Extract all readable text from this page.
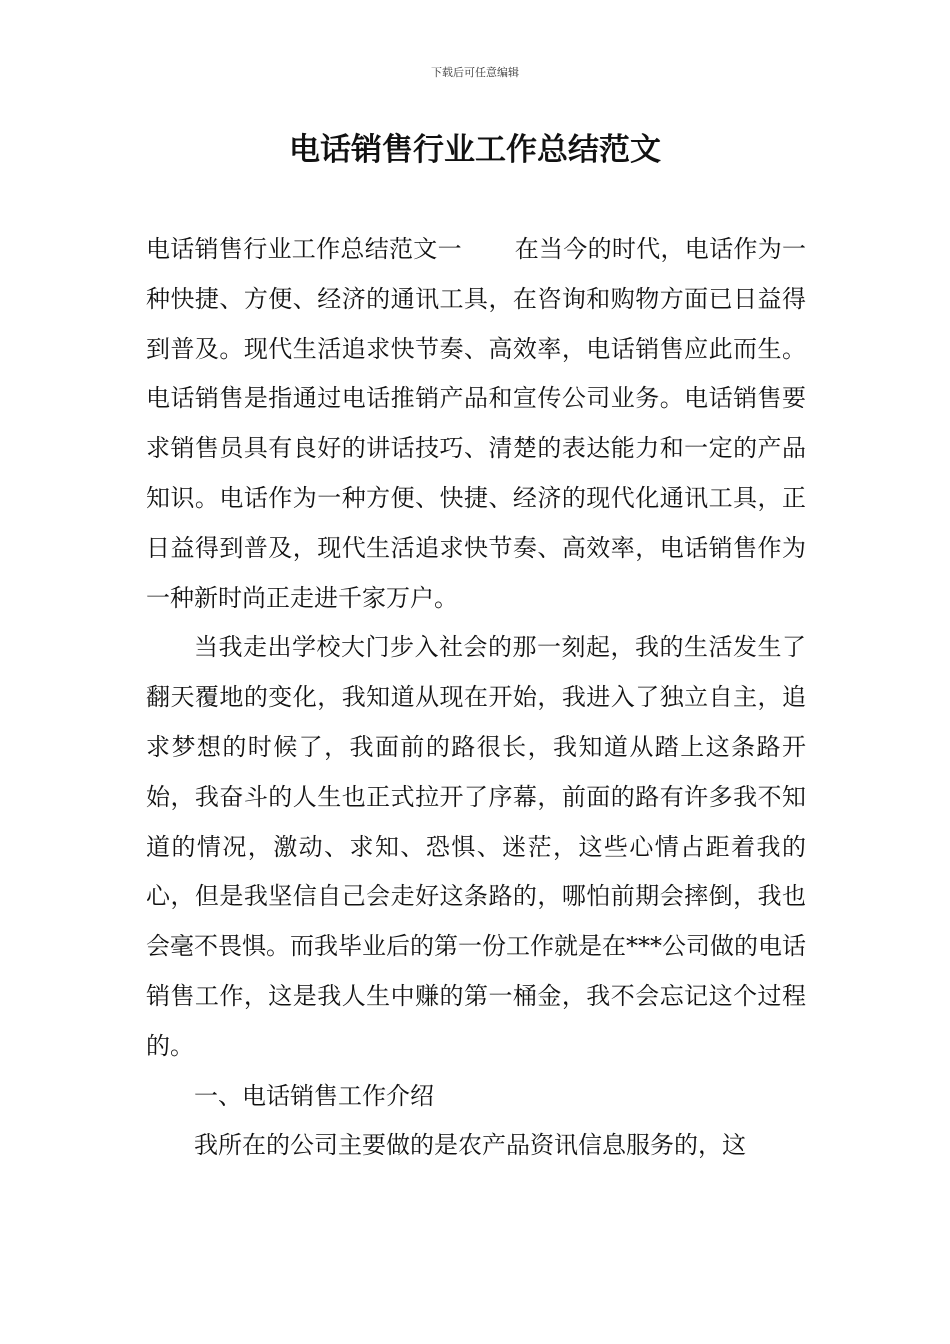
下载后可任意编辑
电话销售行业工作总结范文

电话销售行业工作总结范文一 在当今的时代，电话作为一种快捷、方便、经济的通讯工具，在咨询和购物方面已日益得到普及。现代生活追求快节奏、高效率，电话销售应此而生。电话销售是指通过电话推销产品和宣传公司业务。电话销售要求销售员具有良好的讲话技巧、清楚的表达能力和一定的产品知识。电话作为一种方便、快捷、经济的现代化通讯工具，正日益得到普及，现代生活追求快节奏、高效率，电话销售作为一种新时尚正走进千家万户。

当我走出学校大门步入社会的那一刻起，我的生活发生了翻天覆地的变化，我知道从现在开始，我进入了独立自主，追求梦想的时候了，我面前的路很长，我知道从踏上这条路开始，我奋斗的人生也正式拉开了序幕，前面的路有许多我不知道的情况，激动、求知、恐惧、迷茫，这些心情占距着我的心，但是我坚信自己会走好这条路的，哪怕前期会摔倒，我也会毫不畏惧。而我毕业后的第一份工作就是在***公司做的电话销售工作，这是我人生中赚的第一桶金，我不会忘记这个过程的。

一、电话销售工作介绍

我所在的公司主要做的是农产品资讯信息服务的，这
